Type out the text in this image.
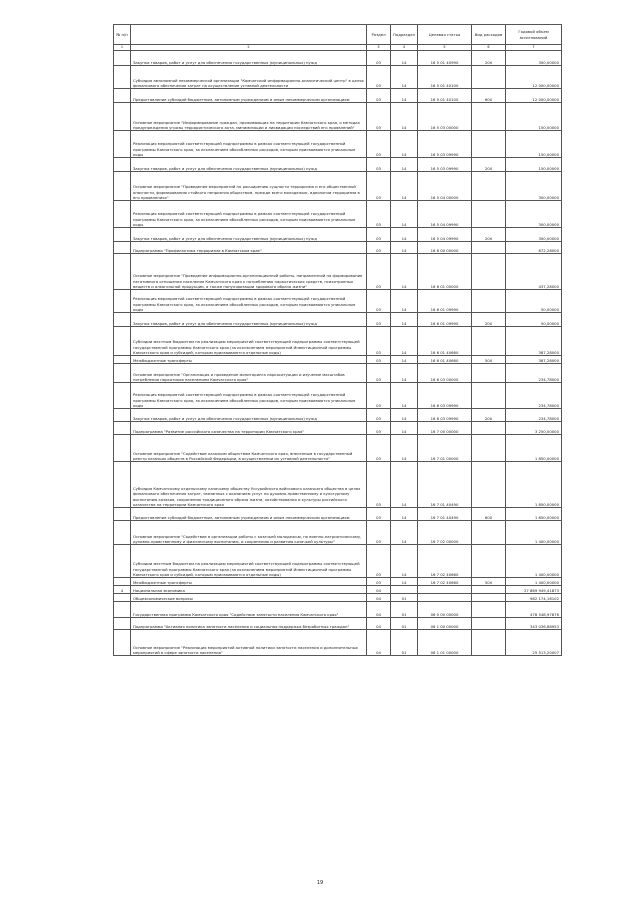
№ п/п		Раздел	Подраздел	Целевая статья	Вид расходов	Годовой объем ассигнований
1	2	3	4	5	6	7
	Закупка товаров, работ и услуг для обеспечения государственных (муниципальных) нужд	03	14	16 5 01 40990	200	300,00000
	Субсидия автономной некоммерческой организации "Камчатский информационно-аналитический центр" в целях финансового обеспечения затрат на осуществление уставной деятельности	03	14	16 5 01 40100		12 000,00000
	Предоставление субсидий бюджетным, автономным учреждениям и иным некоммерческим организациям	03	14	16 5 01 40100	600	12 000,00000
	Основное мероприятие "Информирование граждан, проживающих на территории Камчатского края, о методах предупреждения угрозы террористического акта, минимизации и ликвидации последствий его проявлений"	03	14	16 5 03 00000		150,00000
	Реализация мероприятий соответствующей подпрограммы в рамках соответствующей государственной программы Камчатского края, за исключением обособленных расходов, которым присваиваются уникальные коды	03	14	16 5 03 09990		150,00000
	Закупка товаров, работ и услуг для обеспечения государственных (муниципальных) нужд	03	14	16 5 03 09990	200	150,00000
	Основное мероприятие "Проведение мероприятий по расширению сущности терроризма и его общественной опасности, формированию стойкого неприятия обществом, прежде всего молодежью, идеологии терроризма в его проявлениях"	03	14	16 5 04 00000		300,00000
	Реализация мероприятий соответствующей подпрограммы в рамках соответствующей государственной программы Камчатского края, за исключением обособленных расходов, которым присваиваются уникальные коды	03	14	16 5 04 09990		300,00000
	Закупка товаров, работ и услуг для обеспечения государственных (муниципальных) нужд	03	14	16 5 04 09990	200	300,00000
	Подпрограмма "Профилактика терроризма в Камчатском крае"	03	14	16 6 00 00000		672,28000
	Основное мероприятие "Проведение информационно-организационной работы, направленной на формирование негативного отношения населения Камчатского края к потреблению наркотических средств, психотропных веществ и алкогольной продукции, а также популяризации здорового образа жизни"	03	14	16 6 01 00000		437,28000
	Реализация мероприятий соответствующей подпрограммы в рамках соответствующей государственной программы Камчатского края, за исключением обособленных расходов, которым присваиваются уникальные коды	03	14	16 6 01 09990		50,00000
	Закупка товаров, работ и услуг для обеспечения государственных (муниципальных) нужд	03	14	16 6 01 09990	200	50,00000
	Субсидии местным бюджетам на реализацию мероприятий соответствующей подпрограммы соответствующей государственной программы Камчатского края (за исключением мероприятий Инвестиционной программы Камчатского края и субсидий, которым присваиваются отдельные коды)	03	14	16 6 01 40660		387,28000
	Межбюджетные трансферты	03	14	16 6 01 40660	500	387,28000
	Основное мероприятие "Организация и проведение мониторинга наркоситуации и изучение масштабов потребления наркотиков населением Камчатского края"	03	14	16 6 03 00000		234,78000
	Реализация мероприятий соответствующей подпрограммы в рамках соответствующей государственной программы Камчатского края, за исключением обособленных расходов, которым присваиваются уникальные коды	03	14	16 6 03 09990		234,78000
	Закупка товаров, работ и услуг для обеспечения государственных (муниципальных) нужд	03	14	16 6 03 09990	200	234,78000
	Подпрограмма "Развитие российского казачества на территории Камчатского края"	03	14	16 7 00 00000		3 250,00000
	Основное мероприятие "Содействие казачьим обществам Камчатского края, внесенным в государственный реестр казачьих обществ в Российской Федерации, в осуществлении их уставной деятельности"	03	14	16 7 01 00000		1 850,00000
	Субсидия Камчатскому отдельскому казачьему обществу Уссурийского войскового казачьего общества в целях финансового обеспечения затрат, связанных с оказанием услуг по духовно-нравственному и культурному воспитанию казаков, сохранению традиционного образа жизни, хозяйствования и культуры российского казачества на территории Камчатского края	03	14	16 7 01 40490		1 850,00000
	Предоставление субсидий бюджетным, автономным учреждениям и иным некоммерческим организациям	03	14	16 7 01 40490	600	1 850,00000
	Основное мероприятие "Содействие в организации работы с казачьей молодежью, по военно-патриотическому, духовно-нравственному и физическому воспитанию, и сохранению и развитию казачьей культуры"	03	14	16 7 02 00000		1 400,00000
	Субсидии местным бюджетам на реализацию мероприятий соответствующей подпрограммы соответствующей государственной программы Камчатского края (за исключением мероприятий Инвестиционной программы Камчатского края и субсидий, которым присваиваются отдельные коды)	03	14	16 7 02 40660		1 400,00000
	Межбюджетные трансферты	03	14	16 7 02 40660	500	1 400,00000
4	Национальная экономика	04				27 869 949,41873
	Общеэкономические вопросы	04	01			982 174,16102
	Государственная программа Камчатского края "Содействие занятости населения Камчатского края"	04	01	06 0 00 00000		478 548,97876
	Подпрограмма "Активная политика занятости населения и социальная поддержка безработных граждан"	04	01	06 1 00 00000		343 036,88953
	Основное мероприятие "Реализация мероприятий активной политики занятости населения и дополнительных мероприятий в сфере занятости населения"	04	01	06 1 01 00000		25 513,20007
19
